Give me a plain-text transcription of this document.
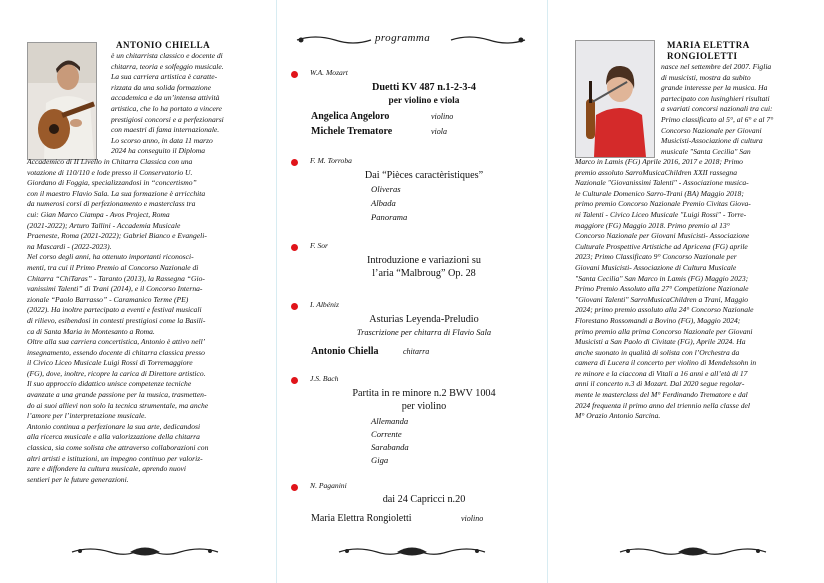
ANTONIO CHIELLA

è un chitarrista classico e docente di

chitarra, teoria e solfeggio musicale.

La sua carriera artistica è caratte-

rizzata da una solida formazione

accademica e da un’intensa attività

artistica, che lo ha portato a vincere

prestigiosi concorsi e a perfezionarsi

con maestri di fama internazionale.

Lo scorso anno, in data 11 marzo

2024 ha conseguito il Diploma

Accademico di II Livello in Chitarra Classica con una

votazione di 110/110 e lode presso il Conservatorio U.

Giordano di Foggia, specializzandosi in “concertismo”

con il maestro Flavio Sala. La sua formazione è arricchita

da numerosi corsi di perfezionamento e masterclass tra

cui: Gian Marco Ciampa - Avos Project, Roma

(2021-2022); Arturo Tallini - Accademia Musicale

Praeneste, Roma (2021-2022); Gabriel Bianco e Evangeli-

na Mascardi - (2022-2023).

Nel corso degli anni, ha ottenuto importanti riconosci-

menti, tra cui il Primo Premio al Concorso Nazionale di

Chitarra “ChiTaras” - Taranto (2013), la Rassegna “Gio-

vanissimi Talenti” di Trani (2014), e il Concorso Interna-

zionale “Paolo Barrasso” - Caramanico Terme (PE)

(2022). Ha inoltre partecipato a eventi e festival musicali

di rilievo, esibendosi in contesti prestigiosi come la Basili-

ca di Santa Maria in Montesanto a Roma.

Oltre alla sua carriera concertistica, Antonio è attivo nell’

insegnamento, essendo docente di chitarra classica presso

il Civico Liceo Musicale Luigi Rossi di Torremaggiore

(FG), dove, inoltre, ricopre la carica di Direttore artistico.

Il suo approccio didattico unisce competenze tecniche

avanzate a una grande passione per la musica, trasmetten-

do ai suoi allievi non solo la tecnica strumentale, ma anche

l’amore per l’interpretazione musicale.

Antonio continua a perfezionare la sua arte, dedicandosi

alla ricerca musicale e alla valorizzazione della chitarra

classica, sia come solista che attraverso collaborazioni con

altri artisti e istituzioni, un impegno continuo per valoriz-

zare e diffondere la cultura musicale, aprendo nuovi

sentieri per le future generazioni.

programma
W.A. Mozart
Duetti KV 487 n.1-2-3-4
per violino e viola
Angelica Angeloro	violino
Michele Trematore	viola
F. M. Torroba
Dai “Pièces caractèristiques”
Oliveras
Albada
Panorama
F. Sor
Introduzione e variazioni su
l’aria “Malbroug” Op. 28
I. Albéniz
Asturias Leyenda-Preludio
Trascrizione per chitarra di Flavio Sala
Antonio Chiella	chitarra
J.S. Bach
Partita in re minore n.2 BWV 1004
per violino
Allemanda
Corrente
Sarabanda
Giga
N. Paganini
dai 24 Capricci n.20
Maria Elettra Rongioletti	violino
MARIA ELETTRA
RONGIOLETTI

nasce nel settembre del 2007. Figlia

di musicisti, mostra da subito

grande interesse per la musica. Ha

partecipato con lusinghieri risultati

a svariati concorsi nazionali tra cui:

Primo classificato al 5°, al 6° e al 7°

Concorso Nazionale per Giovani

Musicisti-Associazione di cultura

musicale "Santa Cecilia" San

Marco in Lamis (FG) Aprile 2016, 2017 e 2018; Primo

premio assoluto SarroMusicaChildren XXII rassegna

Nazionale "Giovanissimi Talenti" - Associazione musica-

le Culturale Domenico Sarro-Trani (BA) Maggio 2018;

primo premio Concorso Nazionale Premio Civitas Giova-

ni Talenti - Civico Liceo Musicale "Luigi Rossi" - Torre-

maggiore (FG) Maggio 2018. Primo premio al 13°

Concorso Nazionale per Giovani Musicisti- Associazione

Culturale Prospettive Artistiche ad Apricena (FG) aprile

2023; Primo Classificato 9° Concorso Nazionale per

Giovani Musicisti- Associazione di Cultura Musicale

"Santa Cecilia" San Marco in Lamis (FG) Maggio 2023;

Primo Premio Assoluto alla 27° Competizione Nazionale

"Giovani Talenti" SarroMusicaChildren a Trani, Maggio

2024; primo premio assoluto alla 24° Concorso Nazionale

Florestano Rossomandi a Bovino (FG), Maggio 2024;

primo premio alla prima Concorso Nazionale per Giovani

Musicisti a San Paolo di Civitate (FG), Aprile 2024. Ha

anche suonato in qualità di solista con l’Orchestra da

camera di Lucera il concerto per violino di Mendelssohn in

re minore e la ciaccona di Vitali a 16 anni e all’età di 17

anni il concerto n.3 di Mozart. Dal 2020 segue regolar-

mente le masterclass del M° Ferdinando Trematore e dal

2024 frequenta il primo anno del triennio nella classe del

M° Orazio Antonio Sarcina.
